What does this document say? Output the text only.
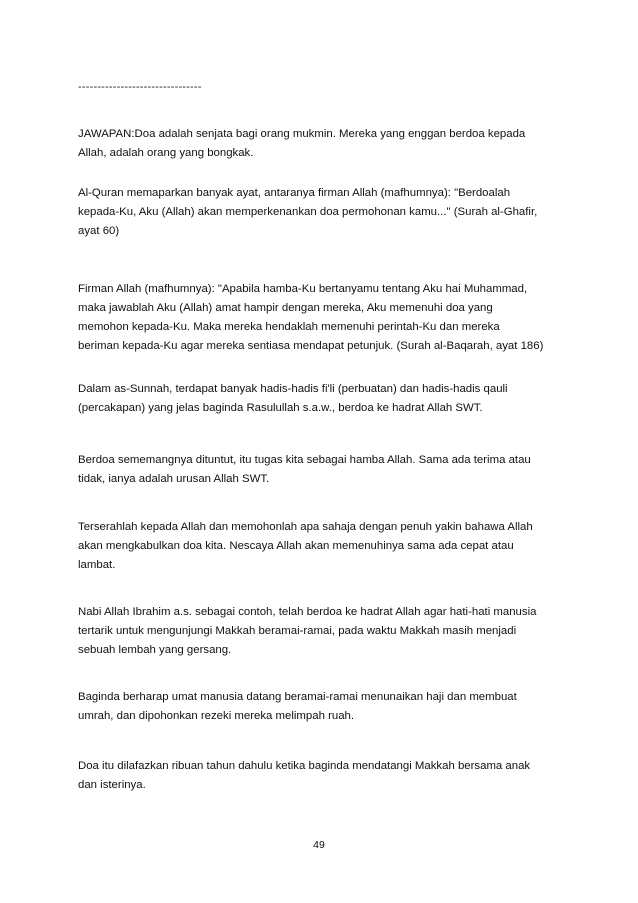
--------------------------------
JAWAPAN:Doa adalah senjata bagi orang mukmin. Mereka yang enggan berdoa kepada
Allah, adalah orang yang bongkak.
Al-Quran memaparkan banyak ayat, antaranya firman Allah (mafhumnya): "Berdoalah
kepada-Ku, Aku (Allah) akan memperkenankan doa permohonan kamu..." (Surah al-Ghafir,
ayat 60)
Firman Allah (mafhumnya): "Apabila hamba-Ku bertanyamu tentang Aku hai Muhammad,
maka jawablah Aku (Allah) amat hampir dengan mereka, Aku memenuhi doa yang
memohon kepada-Ku. Maka mereka hendaklah memenuhi perintah-Ku dan mereka
beriman kepada-Ku agar mereka sentiasa mendapat petunjuk. (Surah al-Baqarah, ayat 186)
Dalam as-Sunnah, terdapat banyak hadis-hadis fi'li (perbuatan) dan hadis-hadis qauli
(percakapan) yang jelas baginda Rasulullah s.a.w., berdoa ke hadrat Allah SWT.
Berdoa sememangnya dituntut, itu tugas kita sebagai hamba Allah. Sama ada terima atau
tidak, ianya adalah urusan Allah SWT.
Terserahlah kepada Allah dan memohonlah apa sahaja dengan penuh yakin bahawa Allah
akan mengkabulkan doa kita. Nescaya Allah akan memenuhinya sama ada cepat atau
lambat.
Nabi Allah Ibrahim a.s. sebagai contoh, telah berdoa ke hadrat Allah agar hati-hati manusia
tertarik untuk mengunjungi Makkah beramai-ramai, pada waktu Makkah masih menjadi
sebuah lembah yang gersang.
Baginda berharap umat manusia datang beramai-ramai menunaikan haji dan membuat
umrah, dan dipohonkan rezeki mereka melimpah ruah.
Doa itu dilafazkan ribuan tahun dahulu ketika baginda mendatangi Makkah bersama anak
dan isterinya.
49
